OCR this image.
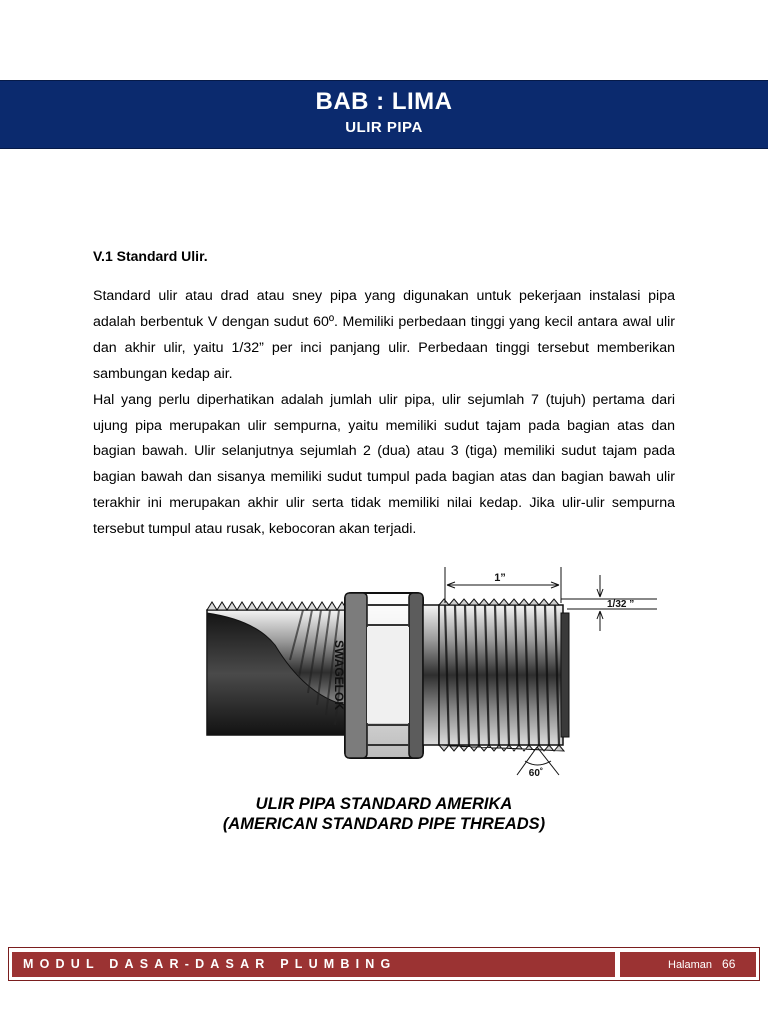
BAB : LIMA
ULIR PIPA
V.1 Standard Ulir.

Standard ulir atau drad atau sney pipa yang digunakan untuk pekerjaan instalasi pipa adalah berbentuk V dengan sudut 60º. Memiliki perbedaan tinggi yang kecil antara awal ulir dan akhir ulir, yaitu 1/32” per inci panjang ulir. Perbedaan tinggi tersebut memberikan sambungan kedap air.

Hal yang perlu diperhatikan adalah jumlah ulir pipa, ulir sejumlah 7 (tujuh) pertama dari ujung pipa merupakan ulir sempurna, yaitu memiliki sudut tajam pada bagian atas dan bagian bawah. Ulir selanjutnya sejumlah 2 (dua) atau 3 (tiga) memiliki sudut tajam pada bagian bawah dan sisanya memiliki sudut tumpul pada bagian atas dan bagian bawah ulir terakhir ini merupakan akhir ulir serta tidak memiliki nilai kedap. Jika ulir-ulir sempurna tersebut tumpul atau rusak, kebocoran akan terjadi.

SWAGELOK
1”
1/32 ”
60˚
ULIR PIPA STANDARD AMERIKA
(AMERICAN STANDARD PIPE THREADS)
MODUL DASAR-DASAR PLUMBING	Halaman 66
